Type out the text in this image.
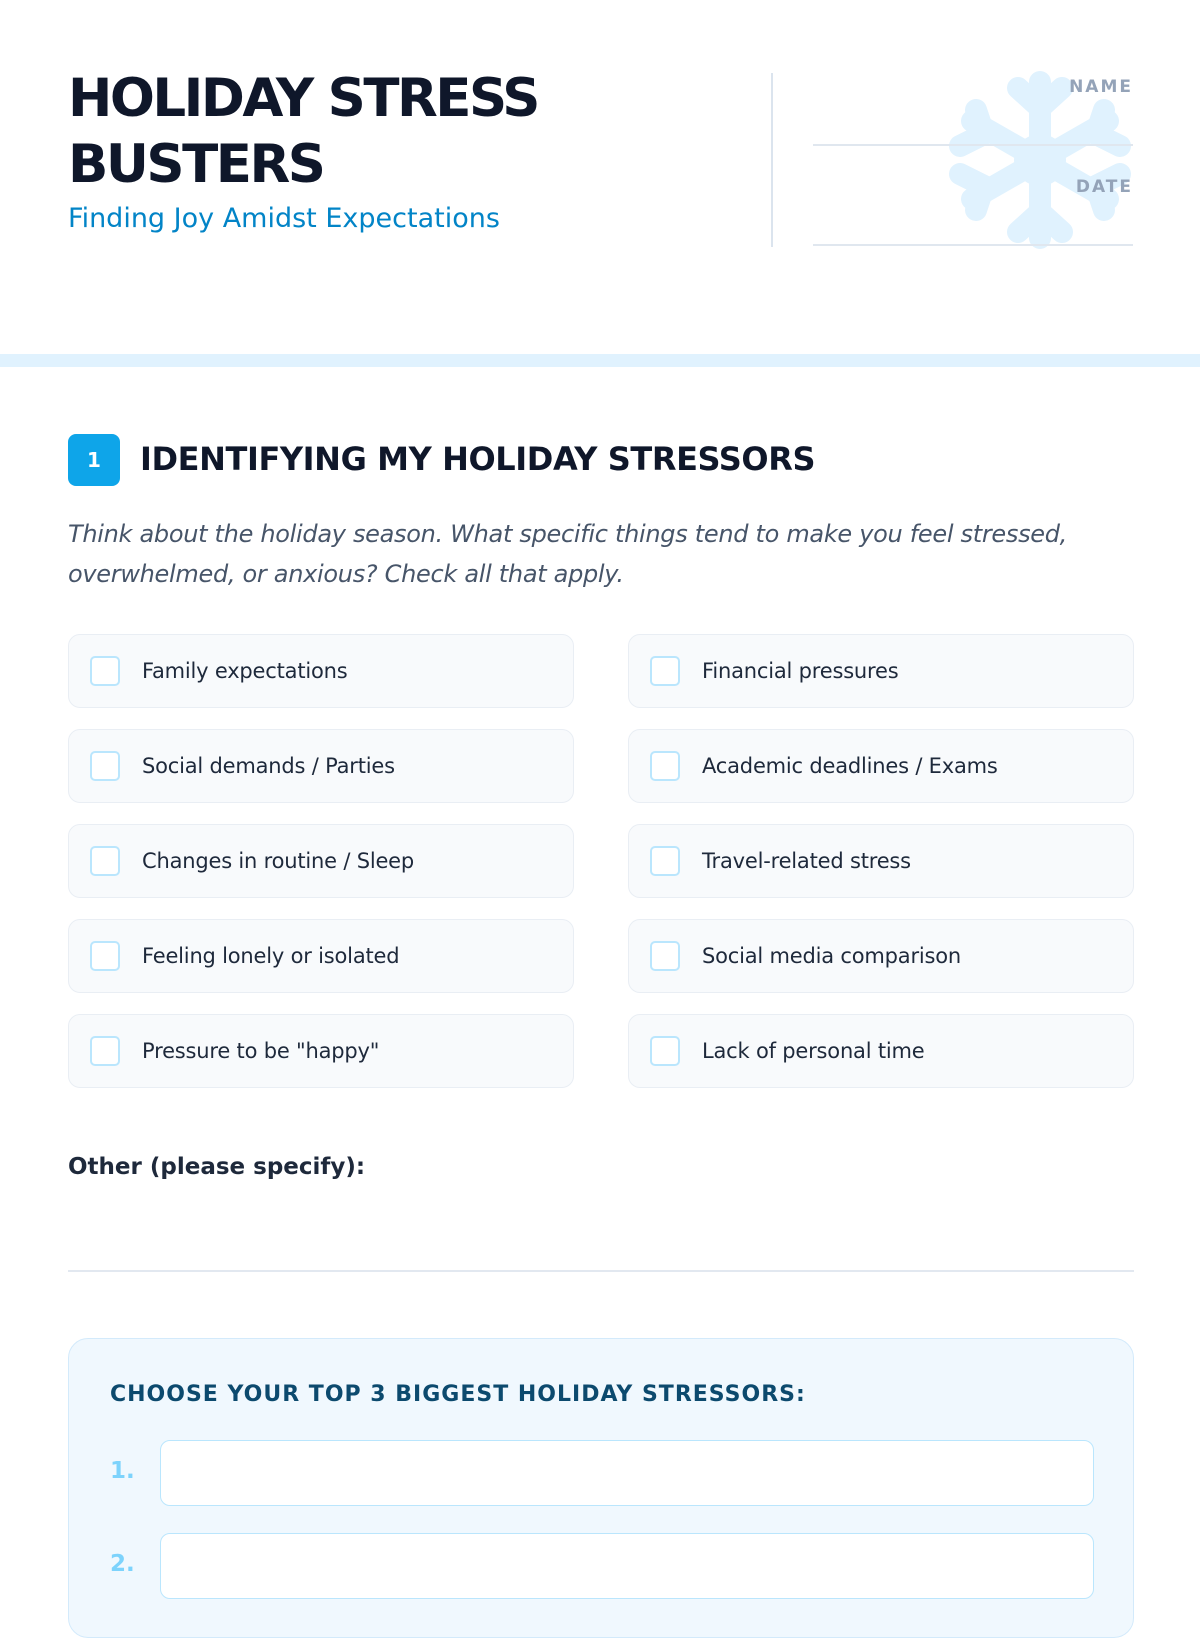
HOLIDAY STRESS BUSTERS
Finding Joy Amidst Expectations
NAME
DATE
1	IDENTIFYING MY HOLIDAY STRESSORS
Think about the holiday season. What specific things tend to make you feel stressed, overwhelmed, or anxious? Check all that apply.
Family expectations	Financial pressures
Social demands / Parties	Academic deadlines / Exams
Changes in routine / Sleep	Travel-related stress
Feeling lonely or isolated	Social media comparison
Pressure to be "happy"	Lack of personal time
Other (please specify):
CHOOSE YOUR TOP 3 BIGGEST HOLIDAY STRESSORS:
1.
2.
